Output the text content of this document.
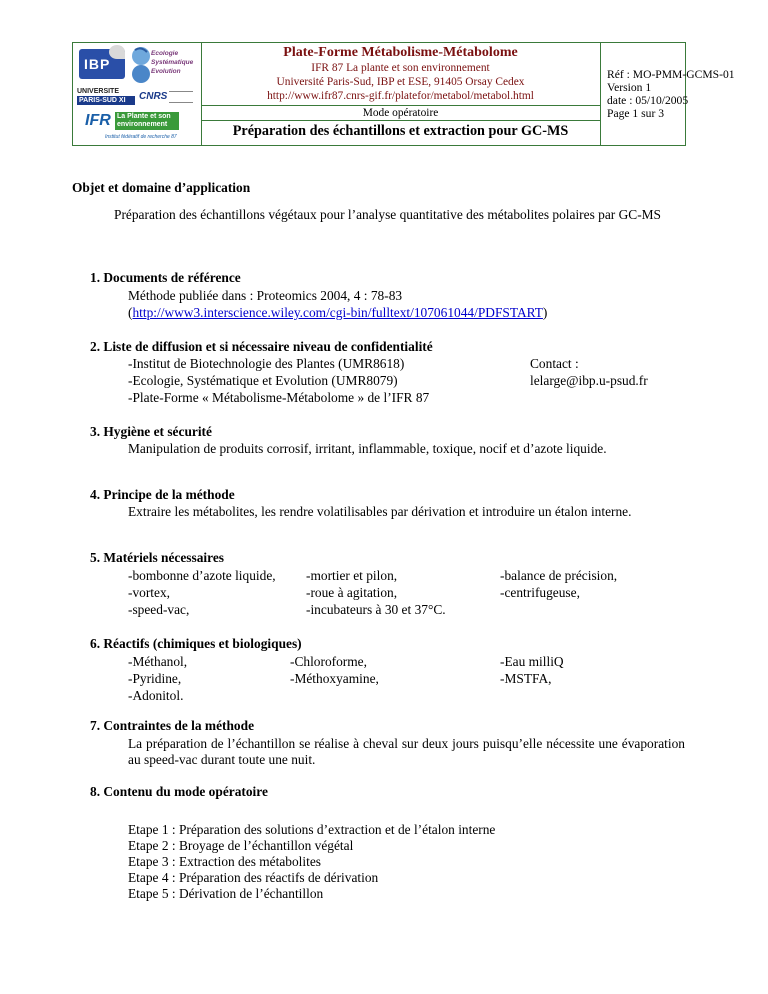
IBP
Ecologie Systématique Evolution
UNIVERSITE
PARIS-SUD XI	CNRS
IFR La Plante et son environnement
Institut fédératif de recherche 87
Plate-Forme Métabolisme-Métabolome
IFR 87 La plante et son environnement
Université Paris-Sud, IBP et ESE, 91405 Orsay Cedex
http://www.ifr87.cnrs-gif.fr/platefor/metabol/metabol.html
Mode opératoire
Préparation des échantillons et extraction pour GC-MS
Réf : MO-PMM-GCMS-01
Version 1
date : 05/10/2005
Page 1 sur 3
Objet et domaine d’application
Préparation des échantillons végétaux pour l’analyse quantitative des métabolites polaires par GC-MS
1. Documents de référence
Méthode publiée dans : Proteomics 2004, 4 : 78-83
(http://www3.interscience.wiley.com/cgi-bin/fulltext/107061044/PDFSTART)
2. Liste de diffusion et si nécessaire niveau de confidentialité
-Institut de Biotechnologie des Plantes (UMR8618)
-Ecologie, Systématique et Evolution (UMR8079)
-Plate-Forme « Métabolisme-Métabolome » de l’IFR 87
Contact :
lelarge@ibp.u-psud.fr
3. Hygiène et sécurité
Manipulation de produits corrosif, irritant, inflammable, toxique, nocif et d’azote liquide.
4. Principe de la méthode
Extraire les métabolites, les rendre volatilisables par dérivation et introduire un étalon interne.
5. Matériels nécessaires
-bombonne d’azote liquide,
-vortex,
-speed-vac,
-mortier et pilon,
-roue à agitation,
-incubateurs à 30 et 37°C.
-balance de précision,
-centrifugeuse,
6. Réactifs (chimiques et biologiques)
-Méthanol,
-Pyridine,
-Adonitol.
-Chloroforme,
-Méthoxyamine,
-Eau milliQ
-MSTFA,
7. Contraintes de la méthode
La préparation de l’échantillon se réalise à cheval sur deux jours puisqu’elle nécessite une évaporation au speed-vac durant toute une nuit.
8. Contenu du mode opératoire
Etape 1 : Préparation des solutions d’extraction et de l’étalon interne
Etape 2 : Broyage de l’échantillon végétal
Etape 3 : Extraction des métabolites
Etape 4 : Préparation des réactifs de dérivation
Etape 5 : Dérivation de l’échantillon
